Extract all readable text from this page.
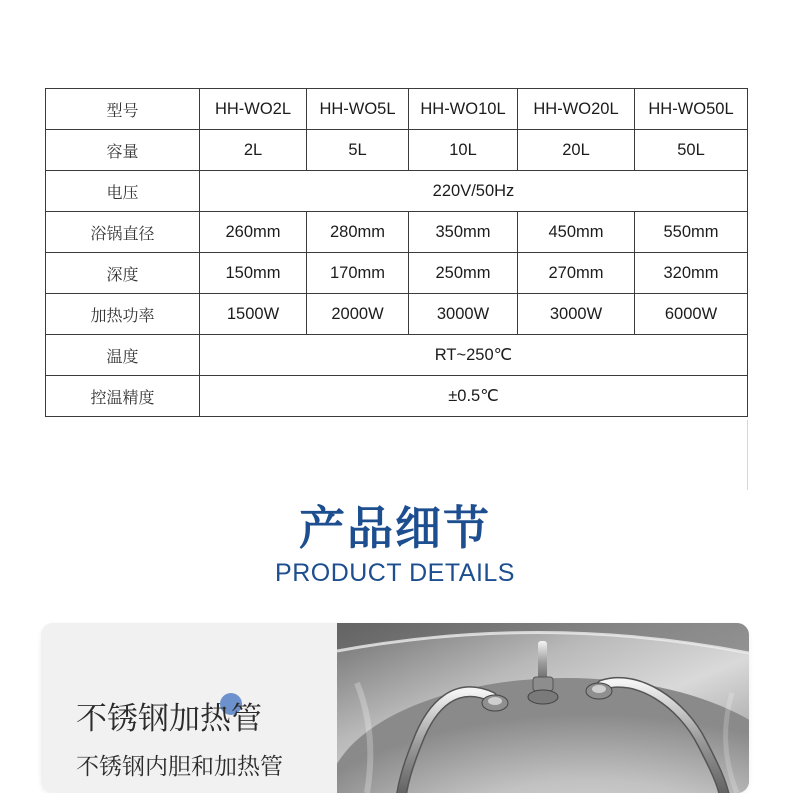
型号	HH-WO2L	HH-WO5L	HH-WO10L	HH-WO20L	HH-WO50L
容量	2L	5L	10L	20L	50L
电压	220V/50Hz				
浴锅直径	260mm	280mm	350mm	450mm	550mm
深度	150mm	170mm	250mm	270mm	320mm
加热功率	1500W	2000W	3000W	3000W	6000W
温度	RT~250℃				
控温精度	±0.5℃				
产品细节
PRODUCT DETAILS
不锈钢加热管
不锈钢内胆和加热管
